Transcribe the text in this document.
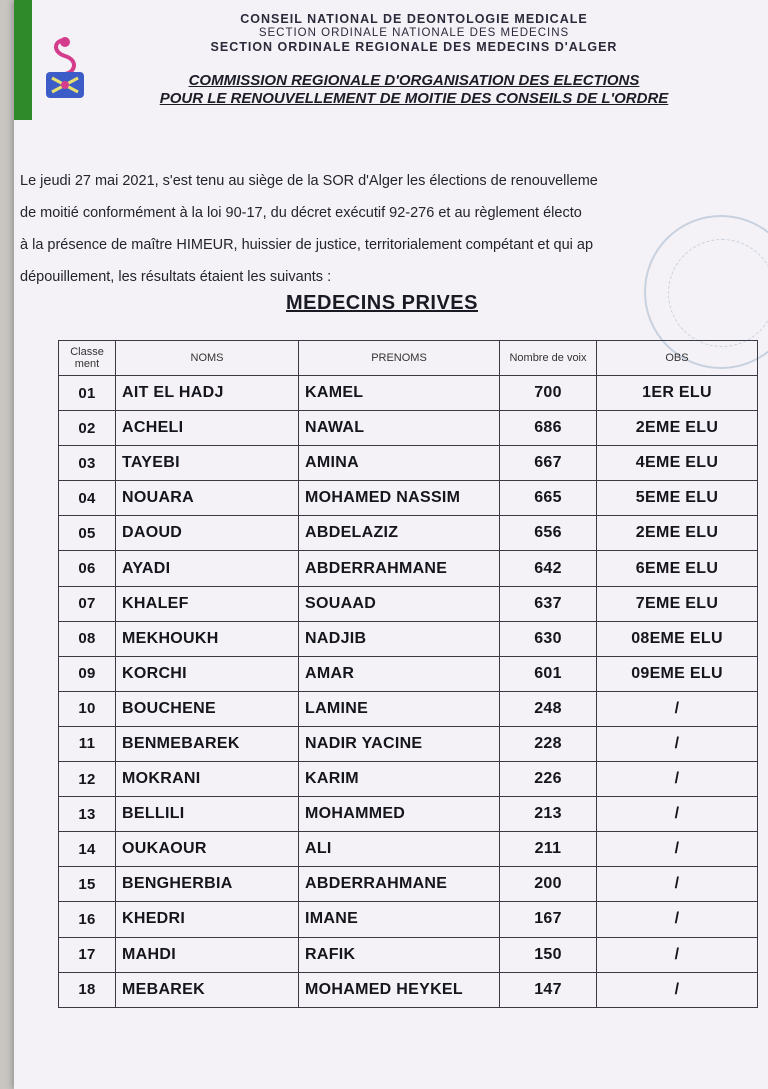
CONSEIL NATIONAL DE DEONTOLOGIE MEDICALE
SECTION ORDINALE NATIONALE DES MEDECINS
SECTION ORDINALE REGIONALE DES MEDECINS D'ALGER
COMMISSION REGIONALE D'ORGANISATION DES ELECTIONS
POUR LE RENOUVELLEMENT DE MOITIE DES CONSEILS DE L'ORDRE
Le jeudi 27 mai 2021, s'est tenu au siège de la SOR d'Alger les élections de renouvelleme
de moitié conformément à la loi 90-17, du décret exécutif 92-276 et au règlement électo
à la présence de maître HIMEUR, huissier de justice, territorialement compétant et qui ap
dépouillement, les résultats étaient les suivants :
MEDECINS PRIVES
Classe ment	NOMS	PRENOMS	Nombre de voix	OBS
01	AIT EL HADJ	KAMEL	700	1ER ELU
02	ACHELI	NAWAL	686	2EME ELU
03	TAYEBI	AMINA	667	4EME ELU
04	NOUARA	MOHAMED NASSIM	665	5EME ELU
05	DAOUD	ABDELAZIZ	656	2EME ELU
06	AYADI	ABDERRAHMANE	642	6EME ELU
07	KHALEF	SOUAAD	637	7EME ELU
08	MEKHOUKH	NADJIB	630	08EME ELU
09	KORCHI	AMAR	601	09EME ELU
10	BOUCHENE	LAMINE	248	/
11	BENMEBAREK	NADIR YACINE	228	/
12	MOKRANI	KARIM	226	/
13	BELLILI	MOHAMMED	213	/
14	OUKAOUR	ALI	211	/
15	BENGHERBIA	ABDERRAHMANE	200	/
16	KHEDRI	IMANE	167	/
17	MAHDI	RAFIK	150	/
18	MEBAREK	MOHAMED HEYKEL	147	/
